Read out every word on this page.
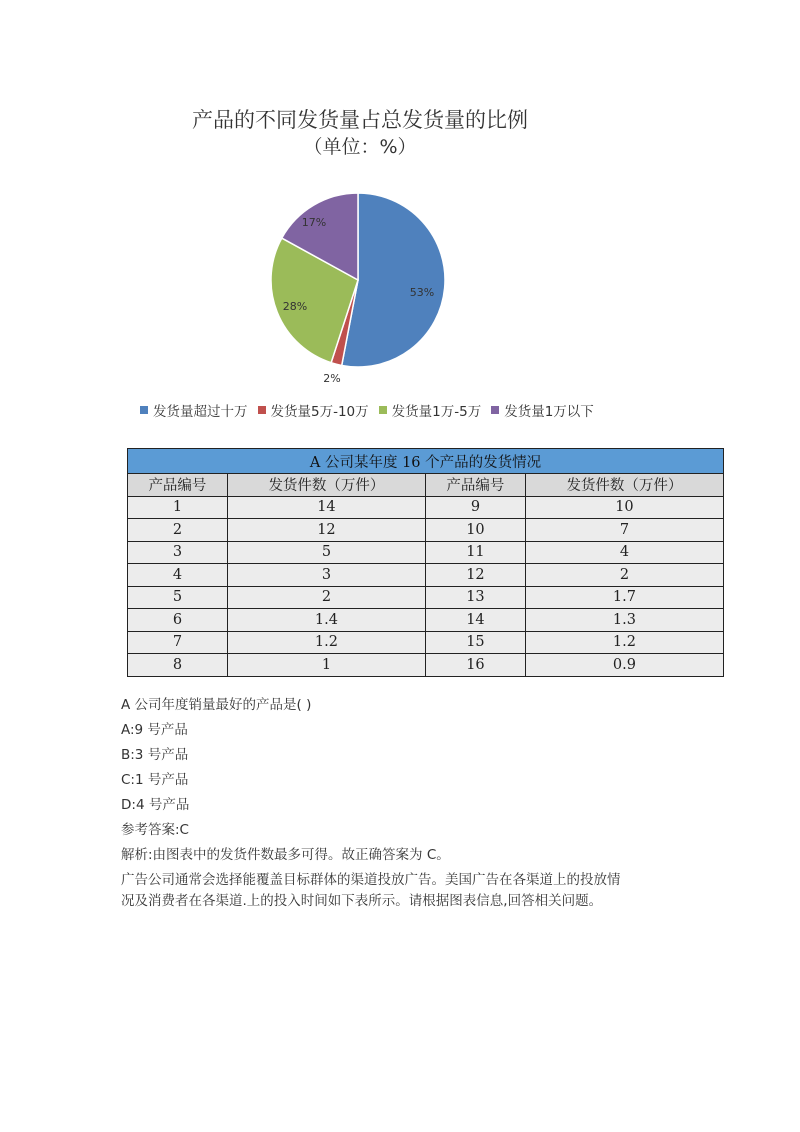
产品的不同发货量占总发货量的比例
（单位：%）
53%
2%
28%
17%
发货量超过十万 发货量5万-10万 发货量1万-5万 发货量1万以下
A 公司某年度 16 个产品的发货情况			
产品编号	发货件数（万件）	产品编号	发货件数（万件）
1	14	9	10
2	12	10	7
3	5	11	4
4	3	12	2
5	2	13	1.7
6	1.4	14	1.3
7	1.2	15	1.2
8	1	16	0.9
A 公司年度销量最好的产品是( )
A:9 号产品
B:3 号产品
C:1 号产品
D:4 号产品
参考答案:C
解析:由图表中的发货件数最多可得。故正确答案为 C。
广告公司通常会选择能覆盖目标群体的渠道投放广告。美国广告在各渠道上的投放情
况及消费者在各渠道.上的投入时间如下表所示。请根据图表信息,回答相关问题。
